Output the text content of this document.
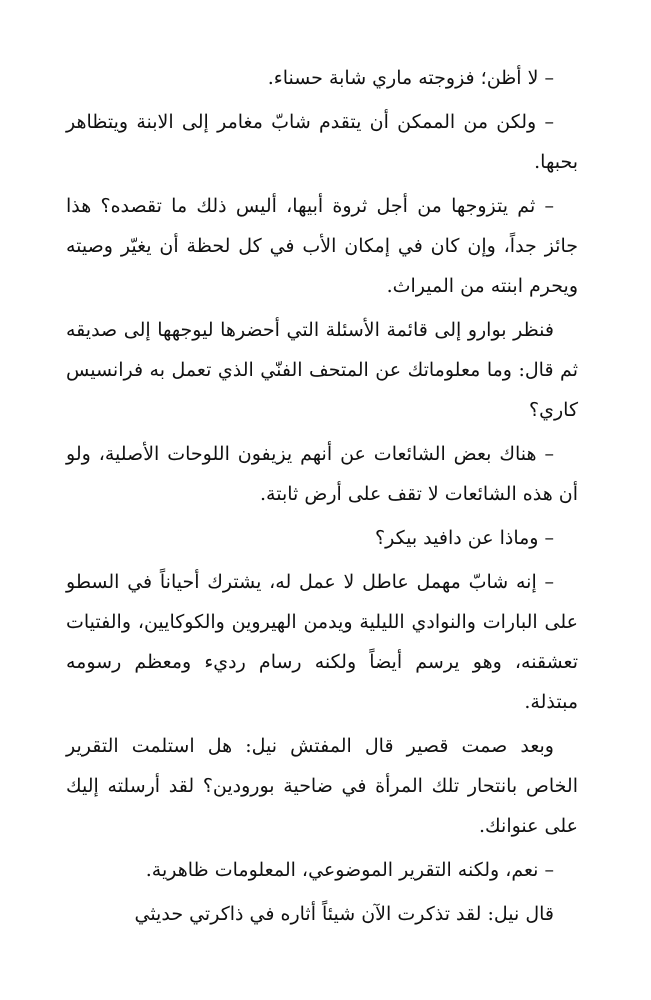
– لا أظن؛ فزوجته ماري شابة حسناء.

– ولكن من الممكن أن يتقدم شابّ مغامر إلى الابنة ويتظاهر بحبها.

– ثم يتزوجها من أجل ثروة أبيها، أليس ذلك ما تقصده؟ هذا جائز جداً، وإن كان في إمكان الأب في كل لحظة أن يغيّر وصيته ويحرم ابنته من الميراث.

فنظر بوارو إلى قائمة الأسئلة التي أحضرها ليوجهها إلى صديقه ثم قال: وما معلوماتك عن المتحف الفنّي الذي تعمل به فرانسيس كاري؟

– هناك بعض الشائعات عن أنهم يزيفون اللوحات الأصلية، ولو أن هذه الشائعات لا تقف على أرض ثابتة.

– وماذا عن دافيد بيكر؟

– إنه شابّ مهمل عاطل لا عمل له، يشترك أحياناً في السطو على البارات والنوادي الليلية ويدمن الهيروين والكوكايين، والفتيات تعشقنه، وهو يرسم أيضاً ولكنه رسام رديء ومعظم رسومه مبتذلة.

وبعد صمت قصير قال المفتش نيل: هل استلمت التقرير الخاص بانتحار تلك المرأة في ضاحية بورودين؟ لقد أرسلته إليك على عنوانك.

– نعم، ولكنه التقرير الموضوعي، المعلومات ظاهرية.

قال نيل: لقد تذكرت الآن شيئاً أثاره في ذاكرتي حديثي
